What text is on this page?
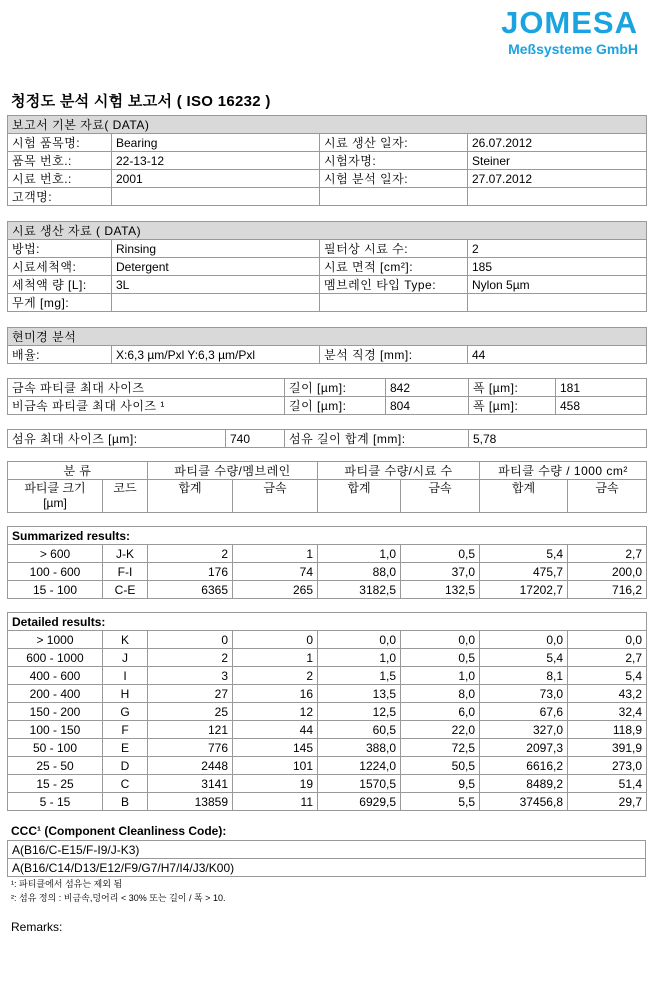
JOMESA
Meßsysteme GmbH
청정도 분석 시험 보고서 ( ISO 16232 )
보고서 기본 자료( DATA)			
시험 품목명:	Bearing	시료 생산 일자:	26.07.2012
품목 번호.:	22-13-12	시험자명:	Steiner
시료 번호.:	2001	시험 분석 일자:	27.07.2012
고객명:			
시료 생산 자료 ( DATA)			
방법:	Rinsing	필터상 시료 수:	2
시료세척액:	Detergent	시료 면적 [cm²]:	185
세척액 량 [L]:	3L	멤브레인 타입 Type:	Nylon 5µm
무게 [mg]:			
현미경 분석
배율:	X:6,3 µm/Pxl Y:6,3 µm/Pxl	분석 직경 [mm]:	44
금속 파티클 최대 사이즈	길이 [µm]:	842	폭 [µm]:	181
비금속 파티클 최대 사이즈 ¹	길이 [µm]:	804	폭 [µm]:	458
섬유 최대 사이즈 [µm]:	740	섬유 길이 합계 [mm]:	5,78
분 류		파티클 수량/멤브레인		파티클 수량/시료 수		파티클 수량 / 1000 cm²	
파티클 크기 [µm]	코드	합계	금속	합계	금속	합계	금속
Summarized results:							
> 600	J-K	2	1	1,0	0,5	5,4	2,7
100 - 600	F-I	176	74	88,0	37,0	475,7	200,0
15 - 100	C-E	6365	265	3182,5	132,5	17202,7	716,2
Detailed results:							
> 1000	K	0	0	0,0	0,0	0,0	0,0
600 - 1000	J	2	1	1,0	0,5	5,4	2,7
400 - 600	I	3	2	1,5	1,0	8,1	5,4
200 - 400	H	27	16	13,5	8,0	73,0	43,2
150 - 200	G	25	12	12,5	6,0	67,6	32,4
100 - 150	F	121	44	60,5	22,0	327,0	118,9
50 - 100	E	776	145	388,0	72,5	2097,3	391,9
25 - 50	D	2448	101	1224,0	50,5	6616,2	273,0
15 - 25	C	3141	19	1570,5	9,5	8489,2	51,4
5 - 15	B	13859	11	6929,5	5,5	37456,8	29,7
CCC¹ (Component Cleanliness Code):
A(B16/C-E15/F-I9/J-K3)
A(B16/C14/D13/E12/F9/G7/H7/I4/J3/K00)
¹: 파티클에서 섬유는 제외 됨
²: 섬유 정의 : 비금속,덩어리 < 30% 또는 길이 / 폭 > 10.
Remarks:
